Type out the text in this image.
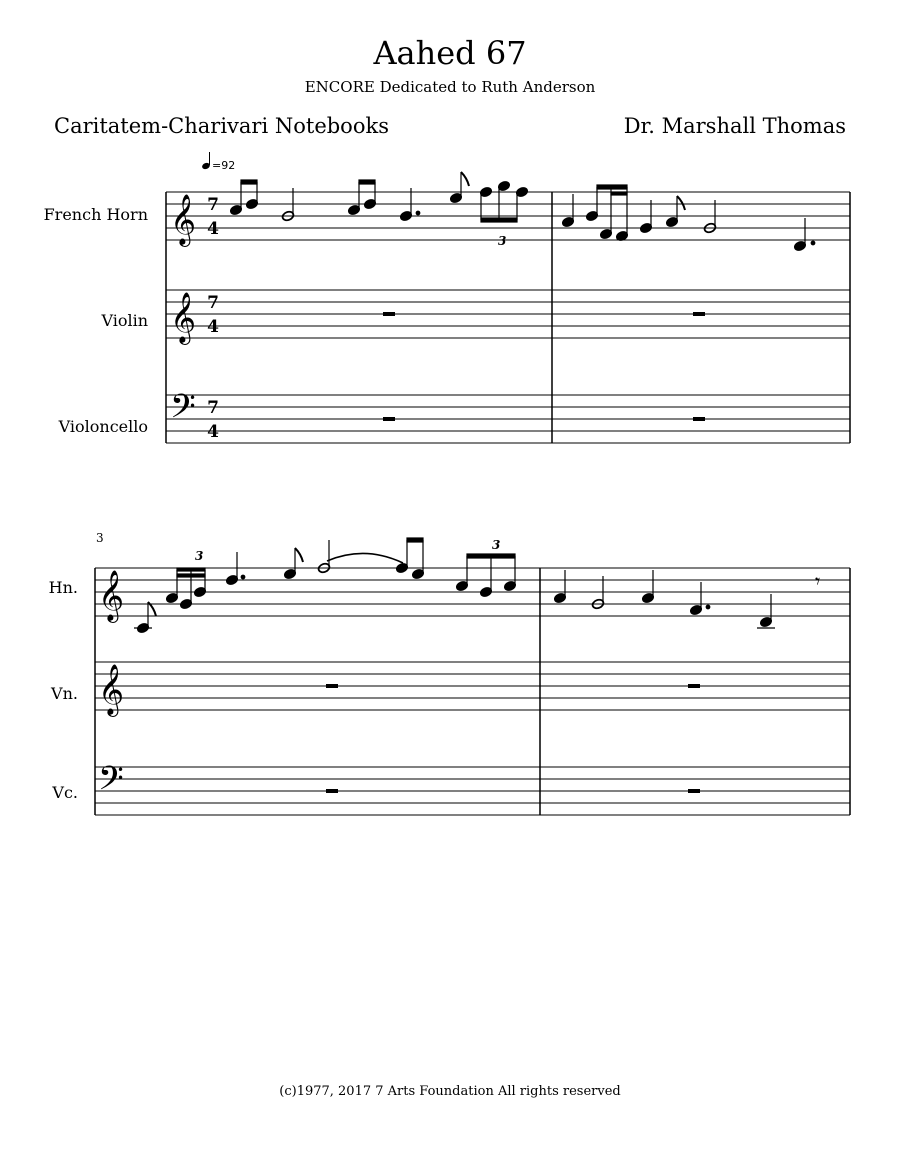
Aahed 67
ENCORE Dedicated to Ruth Anderson
Caritatem-Charivari Notebooks	Dr. Marshall Thomas
French Horn
Violin
Violoncello
Hn.
Vn.
Vc.
=92
𝄞
𝄞
𝄢
7
4
7
4
7
4
3
3
𝄞
𝄞
𝄢
3
3
𝄾
(c)1977, 2017 7 Arts Foundation All rights reserved
